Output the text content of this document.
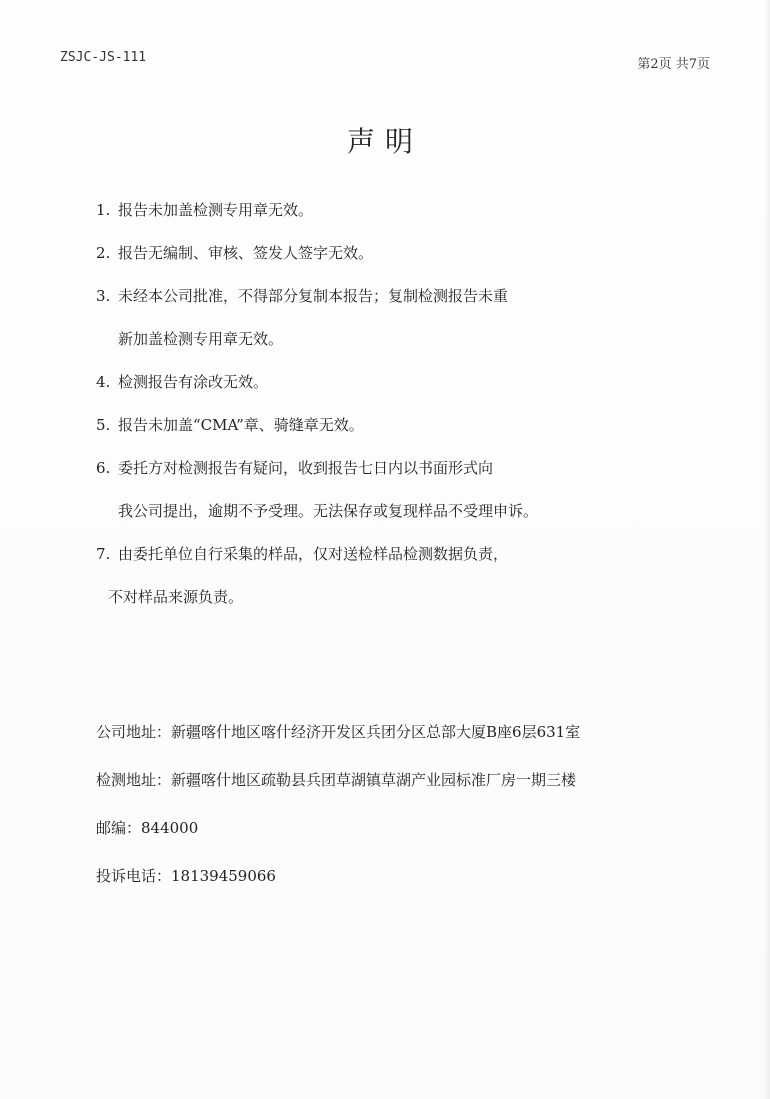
ZSJC-JS-111	第2页 共7页
声明
1. 报告未加盖检测专用章无效。
2. 报告无编制、审核、签发人签字无效。
3. 未经本公司批准，不得部分复制本报告；复制检测报告未重
新加盖检测专用章无效。
4. 检测报告有涂改无效。
5. 报告未加盖“CMA”章、骑缝章无效。
6. 委托方对检测报告有疑问，收到报告七日内以书面形式向
我公司提出，逾期不予受理。无法保存或复现样品不受理申诉。
7. 由委托单位自行采集的样品，仅对送检样品检测数据负责，
不对样品来源负责。
公司地址：新疆喀什地区喀什经济开发区兵团分区总部大厦B座6层631室
检测地址：新疆喀什地区疏勒县兵团草湖镇草湖产业园标准厂房一期三楼
邮编：844000
投诉电话：18139459066
